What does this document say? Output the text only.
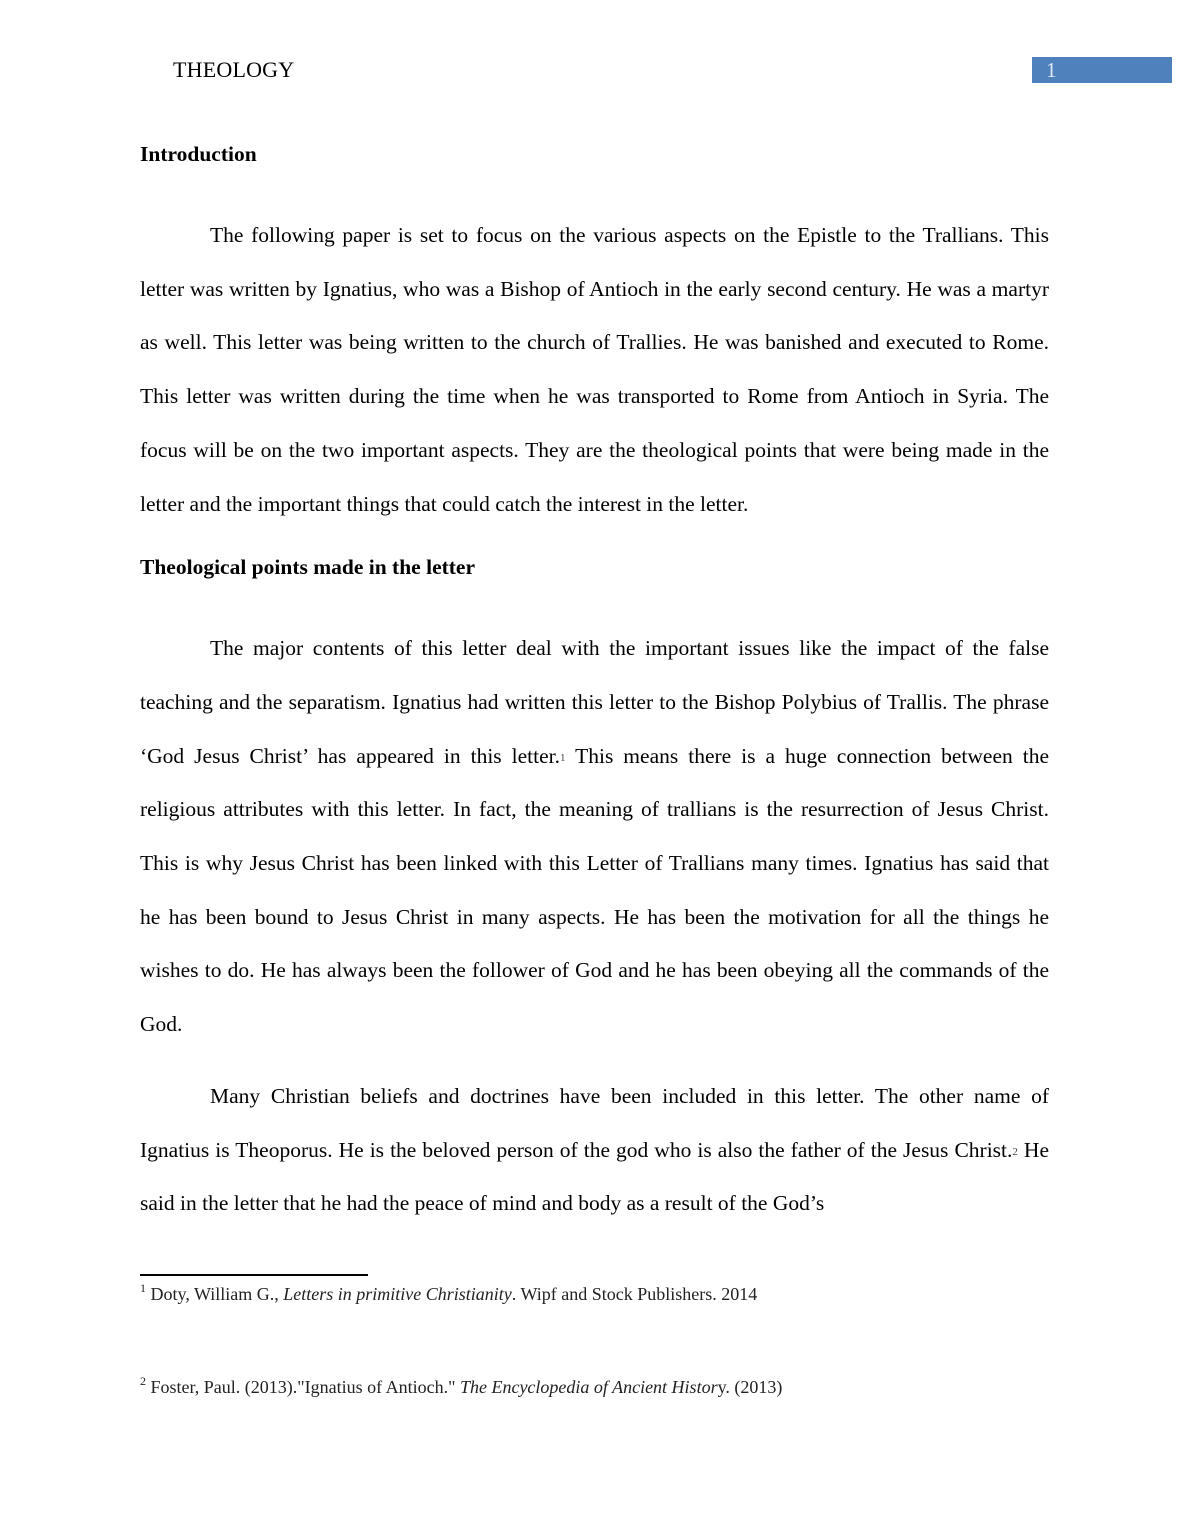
THEOLOGY	1
Introduction

The following paper is set to focus on the various aspects on the Epistle to the Trallians. This letter was written by Ignatius, who was a Bishop of Antioch in the early second century. He was a martyr as well. This letter was being written to the church of Trallies. He was banished and executed to Rome. This letter was written during the time when he was transported to Rome from Antioch in Syria. The focus will be on the two important aspects. They are the theological points that were being made in the letter and the important things that could catch the interest in the letter.

Theological points made in the letter

The major contents of this letter deal with the important issues like the impact of the false teaching and the separatism. Ignatius had written this letter to the Bishop Polybius of Trallis. The phrase ‘God Jesus Christ’ has appeared in this letter.$^1$ This means there is a huge connection between the religious attributes with this letter. In fact, the meaning of trallians is the resurrection of Jesus Christ. This is why Jesus Christ has been linked with this Letter of Trallians many times. Ignatius has said that he has been bound to Jesus Christ in many aspects. He has been the motivation for all the things he wishes to do. He has always been the follower of God and he has been obeying all the commands of the God.

Many Christian beliefs and doctrines have been included in this letter. The other name of Ignatius is Theoporus. He is the beloved person of the god who is also the father of the Jesus Christ.$^2$ He said in the letter that he had the peace of mind and body as a result of the God’s

$^1$ Doty, William G., Letters in primitive Christianity. Wipf and Stock Publishers. 2014
$^2$ Foster, Paul. (2013)."Ignatius of Antioch." The Encyclopedia of Ancient History. (2013)
